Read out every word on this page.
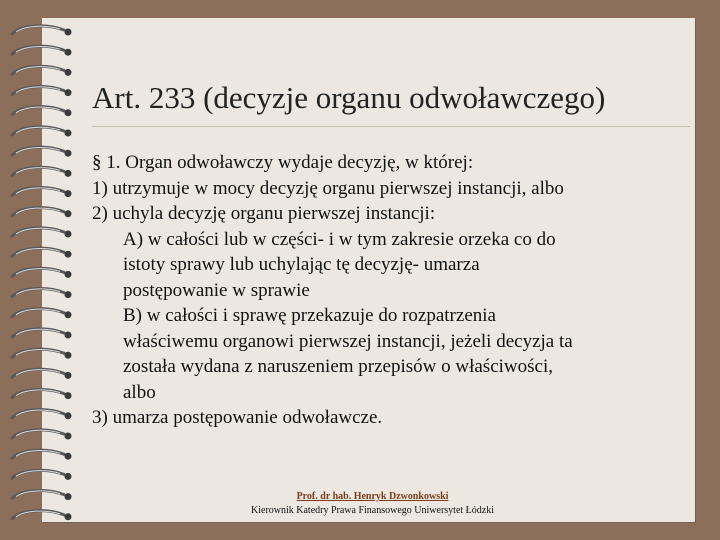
Art. 233 (decyzje organu odwoławczego)

§ 1. Organ odwoławczy wydaje decyzję, w której:

1) utrzymuje w mocy decyzję organu pierwszej instancji, albo

2) uchyla decyzję organu pierwszej instancji:

A) w całości lub w części- i w tym zakresie orzeka co do

istoty sprawy lub uchylając tę decyzję- umarza

postępowanie w sprawie

B) w całości i sprawę przekazuje do rozpatrzenia

właściwemu organowi pierwszej instancji, jeżeli decyzja ta

została wydana z naruszeniem przepisów o właściwości,

albo

3) umarza postępowanie odwoławcze.

Prof. dr hab. Henryk Dzwonkowski
Kierownik Katedry Prawa Finansowego Uniwersytet Łódzki
